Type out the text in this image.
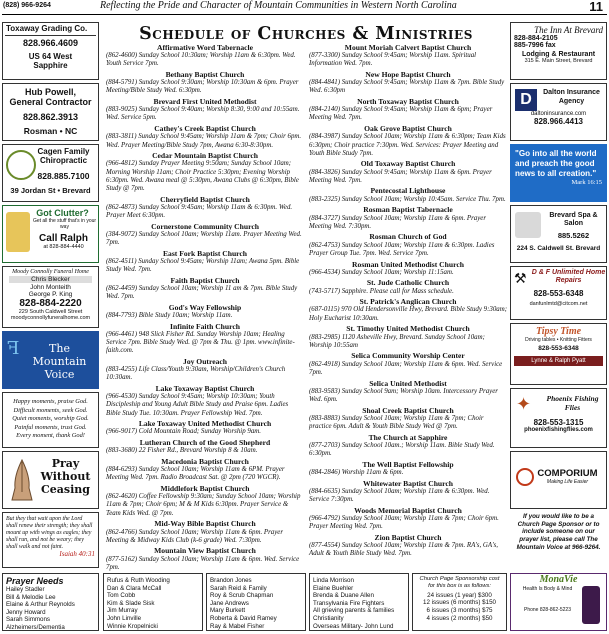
(828) 966-9264	Reflecting the Pride and Character of Mountain Communities in Western North Carolina	11
Schedule of Churches & Ministries
Toxaway Grading Co.
828.966.4609
US 64 West
Sapphire
Hub Powell,
General Contractor
828.862.3913
Rosman • NC
Cagen Family
Chiropractic
828.885.7100
39 Jordan St • Brevard
Got Clutter?
Get all the stuff that's in your way
Call Ralph
at 828-884-4440
Moody Connolly Funeral Home
Chris Blecker
John Monteith
George P. King
828-884-2220
229 South Caldwell Street
moodyconnollyfuneralhome.com
ꟻ	The Mountain Voice
Happy moments, praise God.
Difficult moments, seek God.
Quiet moments, worship God.
Painful moments, trust God.
Every moment, thank God!
Pray
Without
Ceasing
But they that wait upon the Lord shall renew their strength; they shall mount up with wings as eagles; they shall run, and not be weary; they shall walk and not faint.
Isaiah 40:31
The Inn At Brevard
828-884-2105
885-7996 fax
Lodging & Restaurant
315 E. Main Street, Brevard
D	Dalton Insurance Agency
daltoninsurance.com
828.966.4413
"Go into all the world and preach the good news to all creation."
Mark 16:15
Brevard Spa & Salon
885.5262
224 S. Caldwell St. Brevard
⚒ D & F Unlimited Home Repairs
828-553-6348
danfunlmtd@citcom.net
Tipsy Time
Driving tables • Knitting Fitters
828-553-6348
Lynne & Ralph Pyatt
✦	Phoenix Fishing Flies
828-553-1315
phoenixfishingflies.com
COMPORIUM
Making Life Easier
If you would like to be a Church Page Sponsor or to include someone on our prayer list, please call The Mountain Voice at 966-9264.

Affirmative Word Tabernacle
(862-4600) Sunday School 10:30am; Worship 11am & 6:30pm. Wed. Youth Service 7pm.

Bethany Baptist Church
(884-5791) Sunday School 9:30am; Worship 10:30am & 6pm. Prayer Meeting/Bible Study Wed. 6:30pm.

Brevard First United Methodist
(883-9025) Sunday School 9:40am; Worship 8:30, 9:00 and 10:55am. Wed. Service 5pm.

Cathey's Creek Baptist Church
(883-3811) Sunday School 9:45am; Worship 11am & 7pm; Choir 6pm. Wed. Prayer Meeting/Bible Study 7pm, Awana 6:30-8:30pm.

Cedar Mountain Baptist Church
(966-4812) Sunday Prayer Meeting 9:50am; Sunday School 10am; Morning Worship 11am; Choir Practice 5:30pm; Evening Worship 6:30pm. Wed. Awana meal @ 5:30pm, Awana Clubs @ 6:30pm, Bible Study @ 7pm.

Cherryfield Baptist Church
(862-4873) Sunday School 9:45am; Worship 11am & 6:30pm. Wed. Prayer Meet 6:30pm.

Cornerstone Community Church
(384-9072) Sunday School 10am; Worship 11am. Prayer Meeting Wed. 7pm.

East Fork Baptist Church
(862-4511) Sunday School 9:45am; Worship 11am; Awana 5pm. Bible Study Wed. 7pm.

Faith Baptist Church
(862-4459) Sunday School 10am; Worship 11 am & 7pm. Bible Study Wed. 7pm.

God's Way Fellowship
(884-7793) Bible Study 10am; Worship 11am.

Infinite Faith Church
(966-4461) 948 Slick Fisher Rd. Sunday Worship 10am; Healing Service 7pm. Bible Study Wed. @ 7pm & Thu. @ 1pm. www.infinite-faith.com.

Joy Outreach
(883-4255) Life Class/Youth 9:30am, Worship/Children's Church 10:30am.

Lake Toxaway Baptist Church
(966-4530) Sunday School 9:45am; Worship 10:30am; Youth Discipleship and Young Adult Bible Study and Praise 6pm. Ladies Bible Study Tue. 10:30am. Prayer Fellowship Wed. 7pm.

Lake Toxaway United Methodist Church
(966-9017) Cold Mountain Road; Sunday Worship 9am.

Lutheran Church of the Good Shepherd
(883-3680) 22 Fisher Rd., Brevard Worship 8 & 10am.

Macedonia Baptist Church
(884-6293) Sunday School 10am; Worship 11am & 6PM. Prayer Meeting Wed. 7pm. Radio Broadcast Sat. @ 2pm (720 WGCR).

Middlefork Baptist Church
(862-4620) Coffee Fellowship 9:30am; Sunday School 10am; Worship 11am & 7pm; Choir 6pm; M & M Kids 6:30pm. Prayer Service & Team Kids Wed. @ 7pm.

Mid-Way Bible Baptist Church
(862-4766) Sunday School 10am; Worship 11am & 6pm. Prayer Meeting & Midway Kids Club (k-6 grade) Wed. 7:30pm.

Mountain View Baptist Church
(877-5162) Sunday School 10am; Worship 11am & 6pm. Wed. Service 7pm.

Mount Moriah Calvert Baptist Church
(877-3300) Sunday School 9:45am; Worship 11am. Spiritual Information Wed. 7pm.

New Hope Baptist Church
(884-4841) Sunday School 9:45am; Worship 11am & 7pm. Bible Study Wed. 6:30pm

North Toxaway Baptist Church
(884-2140) Sunday School 9:45am; Worship 11am & 6pm; Prayer Meeting Wed. 7pm.

Oak Grove Baptist Church
(884-3987) Sunday School 10am; Worship 11am & 6:30pm; Team Kids 6:30pm; Choir practice 7:30pm. Wed. Services: Prayer Meeting and Youth Bible Study 7pm.

Old Toxaway Baptist Church
(884-3826) Sunday School 9:45am; Worship 11am & 6pm. Prayer Meeting Wed. 7pm.

Pentecostal Lighthouse
(883-2325) Sunday School 10am; Worship 10:45am. Service Thu. 7pm.

Rosman Baptist Tabernacle
(884-3727) Sunday School 10am; Worship 11am & 6pm. Prayer Meeting Wed. 7:30pm.

Rosman Church of God
(862-4753) Sunday School 10am; Worship 11am & 6:30pm. Ladies Prayer Group Tue. 7pm. Wed. Service 7pm.

Rosman United Methodist Church
(966-4534) Sunday School 10am; Worship 11:15am.

St. Jude Catholic Church
(743-5717) Sapphire. Please call for Mass schedule.

St. Patrick's Anglican Church
(687-0115) 970 Old Hendersonville Hwy, Brevard. Bible Study 9:30am; Holy Eucharist 10:30am.

St. Timothy United Methodist Church
(883-2985) 1120 Asheville Hwy, Brevard. Sunday School 10am; Worship 10:55am

Selica Community Worship Center
(862-4918) Sunday School 10am; Worship 11am & 6pm. Wed. Service 7pm.

Selica United Methodist
(883-9583) Sunday School 9am; Worship 10am. Intercessory Prayer Wed. 6pm.

Shoal Creek Baptist Church
(883-8883) Sunday School 10am; Worship 11am & 7pm; Choir practice 6pm. Adult & Youth Bible Study Wed @ 7pm.

The Church at Sapphire
(877-2703) Sunday School 10am.; Worship 11am. Bible Study Wed. 6:30pm.

The Well Baptist Fellowship
(884-2846) Worship 11am & 6pm.

Whitewater Baptist Church
(884-6635) Sunday School 10am; Worship 11am & 6:30pm. Wed. Service 7:30pm.

Woods Memorial Baptist Church
(966-4792) Sunday School 10am; Worship 11am & 7pm; Choir 6pm. Prayer Meeting Wed. 7pm.

Zion Baptist Church
(877-4554) Sunday School 10am; Worship 11am & 7pm. RA's, GA's, Adult & Youth Bible Study Wed. 7pm.

Prayer Needs
Hailey Stadler
Bill & Melodie Lee
Elaine & Arthur Reynolds
Jenny Howard
Sarah Simmons
Alzheimers/Dementia
Rufus & Ruth Wooding
Dan & Clara McCall
Tom Cobb
Kim & Slade Sisk
Jim Murray
John Linville
Winnie Kropelnicki
Brandon Jones
Sarah Reid & Family
Roy & Scrub Chapman
Jane Andrews
Mary Burkett
Roberta & David Ramey
Ray & Mabel Fisher
Linda Morrison
Elaine Buehler
Brenda & Duane Allen
Transylvania Fire Fighters
All grieving parents & families
Christianity
Overseas Military- John Lund
Church Page Sponsorship cost for this box is as follows:
24 issues (1 year) $300
12 issues (6 months) $150
6 issues (3 months) $75
4 issues (2 months) $50
MonaVie
Health Is Body & Mind
Phone 828-862-5223
